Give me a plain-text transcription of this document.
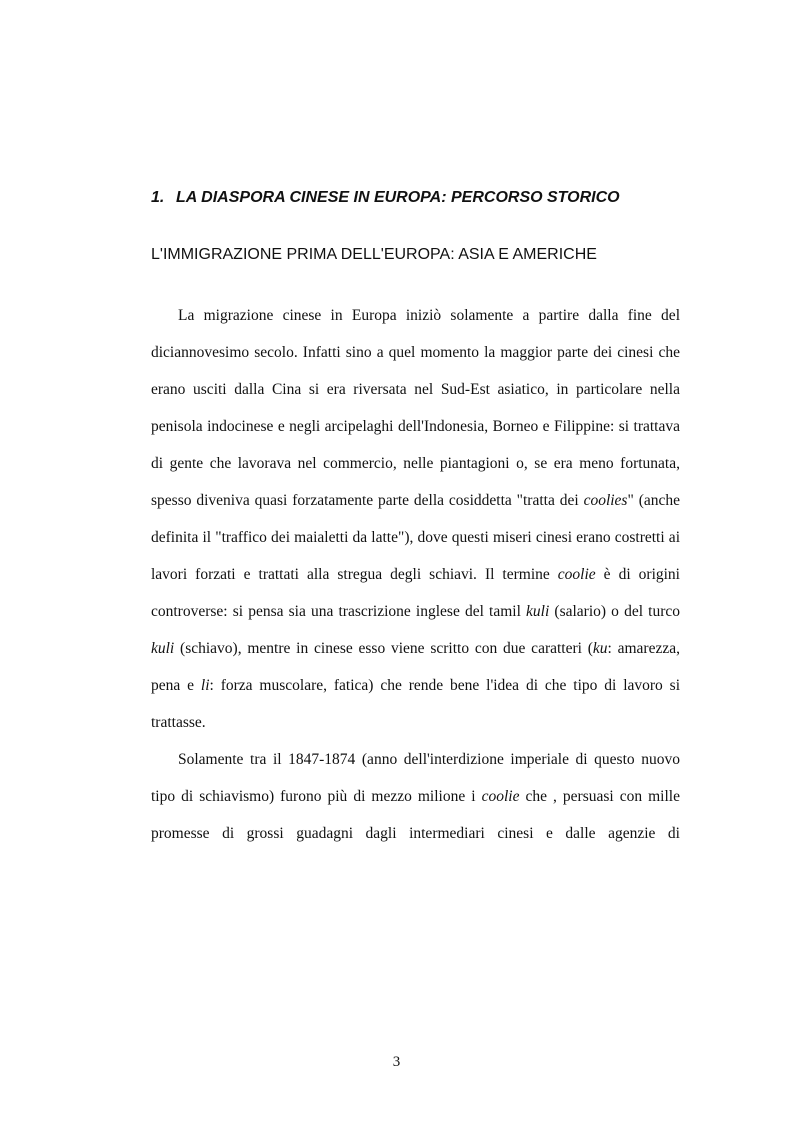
1. LA DIASPORA CINESE IN EUROPA: PERCORSO STORICO
L'IMMIGRAZIONE PRIMA DELL'EUROPA: ASIA E AMERICHE

La migrazione cinese in Europa iniziò solamente a partire dalla fine del diciannovesimo secolo. Infatti sino a quel momento la maggior parte dei cinesi che erano usciti dalla Cina si era riversata nel Sud-Est asiatico, in particolare nella penisola indocinese e negli arcipelaghi dell'Indonesia, Borneo e Filippine: si trattava di gente che lavorava nel commercio, nelle piantagioni o, se era meno fortunata, spesso diveniva quasi forzatamente parte della cosiddetta "tratta dei coolies" (anche definita il "traffico dei maialetti da latte"), dove questi miseri cinesi erano costretti ai lavori forzati e trattati alla stregua degli schiavi. Il termine coolie è di origini controverse: si pensa sia una trascrizione inglese del tamil kuli (salario) o del turco kuli (schiavo), mentre in cinese esso viene scritto con due caratteri (ku: amarezza, pena e li: forza muscolare, fatica) che rende bene l'idea di che tipo di lavoro si trattasse.

Solamente tra il 1847-1874 (anno dell'interdizione imperiale di questo nuovo tipo di schiavismo) furono più di mezzo milione i coolie che , persuasi con mille promesse di grossi guadagni dagli intermediari cinesi e dalle agenzie di

3
